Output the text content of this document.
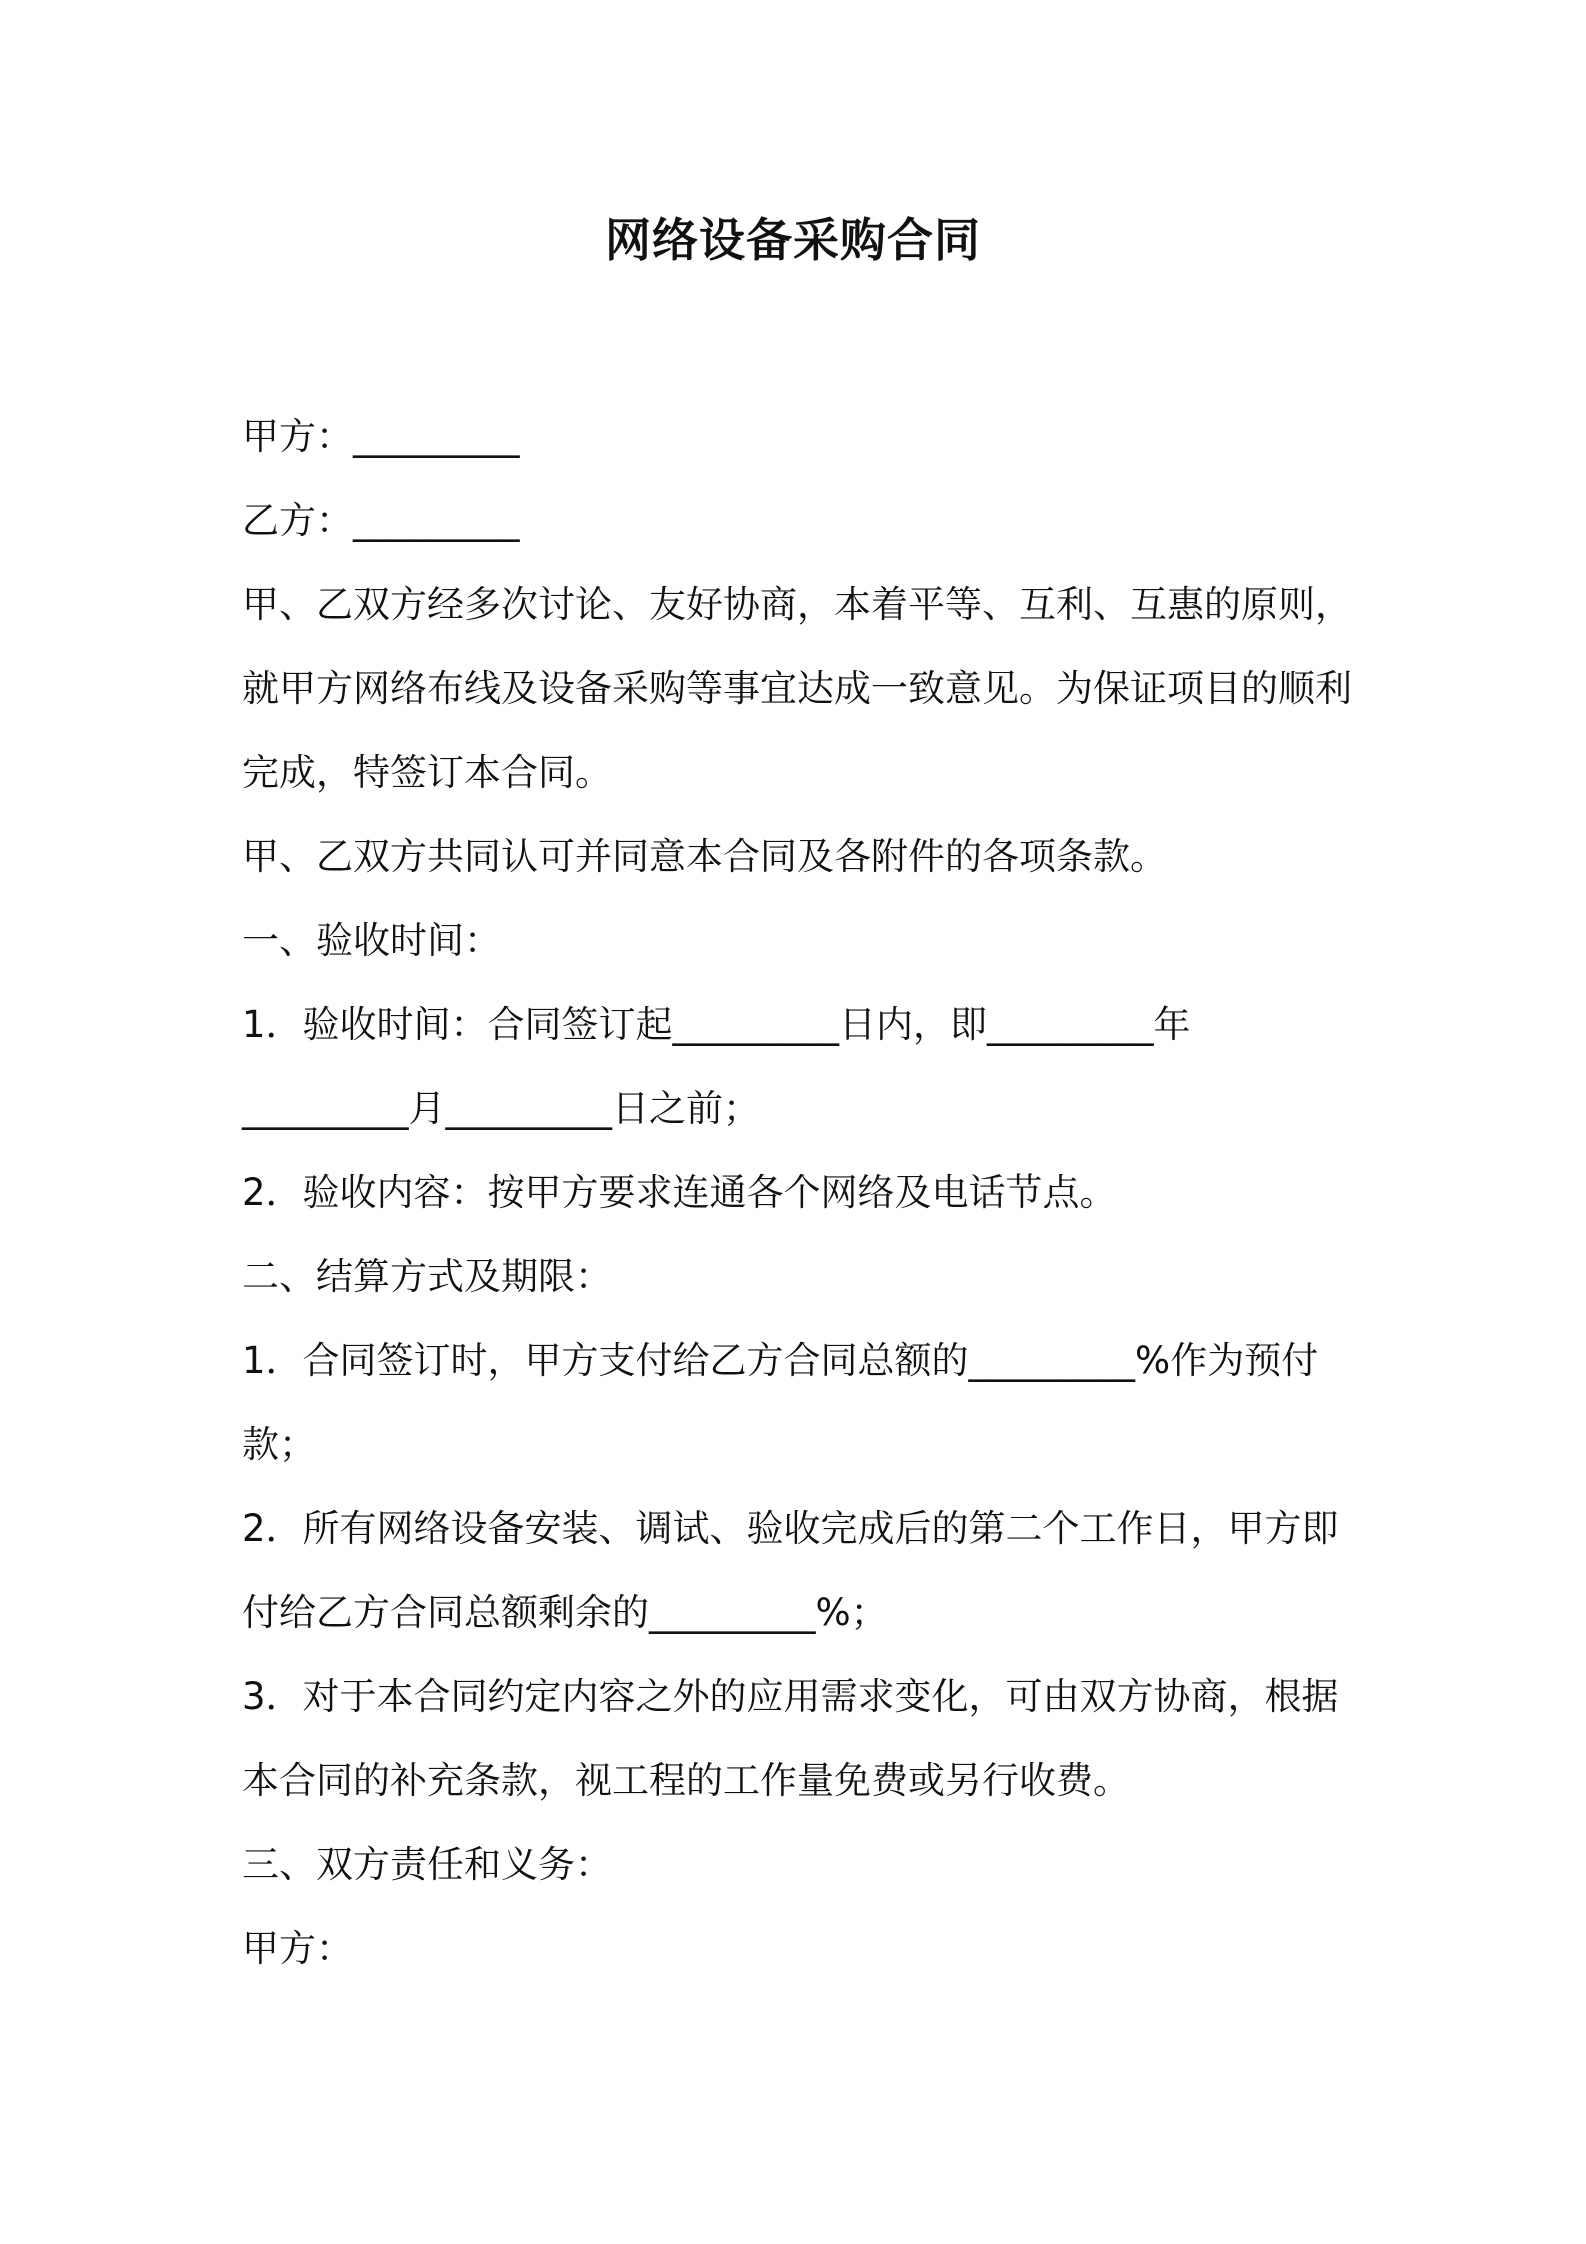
网络设备采购合同
甲方：_________
乙方：_________
甲、乙双方经多次讨论、友好协商，本着平等、互利、互惠的原则，
就甲方网络布线及设备采购等事宜达成一致意见。为保证项目的顺利
完成，特签订本合同。
甲、乙双方共同认可并同意本合同及各附件的各项条款。
一、验收时间：
1．验收时间：合同签订起_________日内，即_________年
_________月_________日之前；
2．验收内容：按甲方要求连通各个网络及电话节点。
二、结算方式及期限：
1．合同签订时，甲方支付给乙方合同总额的_________%作为预付
款；
2．所有网络设备安装、调试、验收完成后的第二个工作日，甲方即
付给乙方合同总额剩余的_________%；
3．对于本合同约定内容之外的应用需求变化，可由双方协商，根据
本合同的补充条款，视工程的工作量免费或另行收费。
三、双方责任和义务：
甲方：
